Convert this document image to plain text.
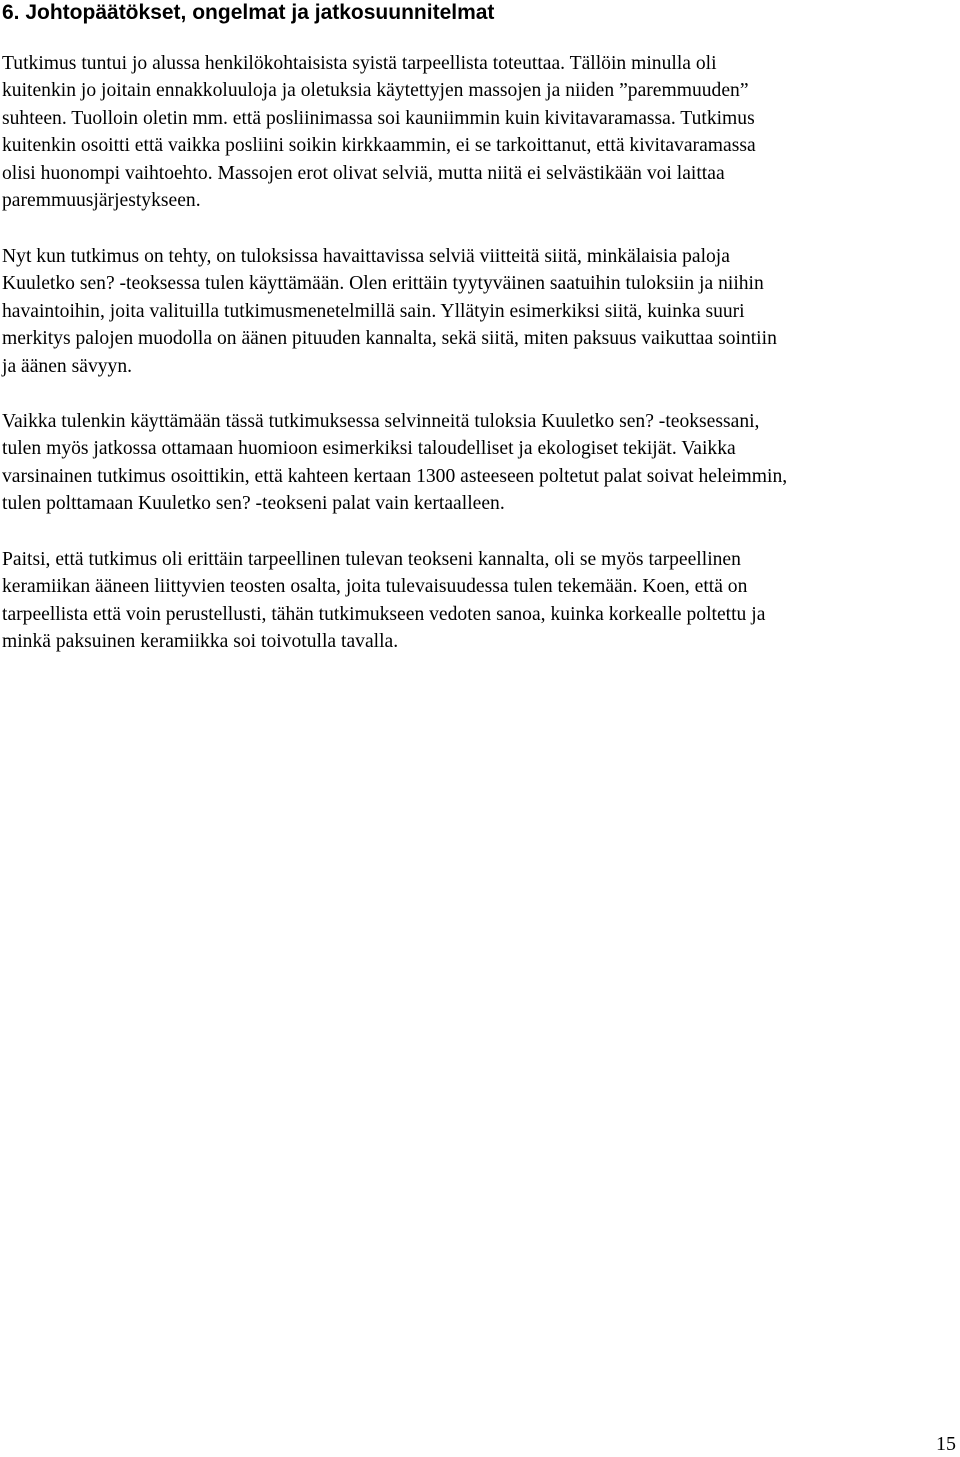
6. Johtopäätökset, ongelmat ja jatkosuunnitelmat

Tutkimus tuntui jo alussa henkilökohtaisista syistä tarpeellista toteuttaa. Tällöin minulla oli
kuitenkin jo joitain ennakkoluuloja ja oletuksia käytettyjen massojen ja niiden ”paremmuuden”
suhteen. Tuolloin oletin mm. että posliinimassa soi kauniimmin kuin kivitavaramassa. Tutkimus
kuitenkin osoitti että vaikka posliini soikin kirkkaammin, ei se tarkoittanut, että kivitavaramassa
olisi huonompi vaihtoehto. Massojen erot olivat selviä, mutta niitä ei selvästikään voi laittaa
paremmuusjärjestykseen.

Nyt kun tutkimus on tehty, on tuloksissa havaittavissa selviä viitteitä siitä, minkälaisia paloja
Kuuletko sen? -teoksessa tulen käyttämään. Olen erittäin tyytyväinen saatuihin tuloksiin ja niihin
havaintoihin, joita valituilla tutkimusmenetelmillä sain. Yllätyin esimerkiksi siitä, kuinka suuri
merkitys palojen muodolla on äänen pituuden kannalta, sekä siitä, miten paksuus vaikuttaa sointiin
ja äänen sävyyn.

Vaikka tulenkin käyttämään tässä tutkimuksessa selvinneitä tuloksia Kuuletko sen? -teoksessani,
tulen myös jatkossa ottamaan huomioon esimerkiksi taloudelliset ja ekologiset tekijät. Vaikka
varsinainen tutkimus osoittikin, että kahteen kertaan 1300 asteeseen poltetut palat soivat heleimmin,
tulen polttamaan Kuuletko sen? -teokseni palat vain kertaalleen.

Paitsi, että tutkimus oli erittäin tarpeellinen tulevan teokseni kannalta, oli se myös tarpeellinen
keramiikan ääneen liittyvien teosten osalta, joita tulevaisuudessa tulen tekemään. Koen, että on
tarpeellista että voin perustellusti, tähän tutkimukseen vedoten sanoa, kuinka korkealle poltettu ja
minkä paksuinen keramiikka soi toivotulla tavalla.

15
